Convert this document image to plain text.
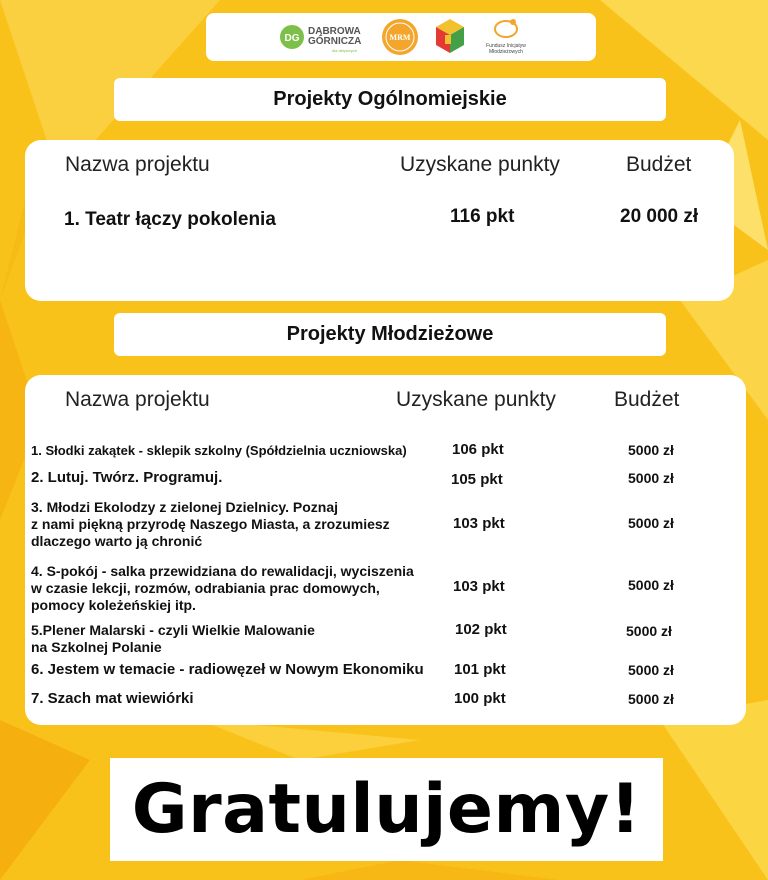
DG
DĄBROWA
GÓRNICZA
dla aktywnych
MRM
Fundusz Inicjatyw
Młodzieżowych
Projekty Ogólnomiejskie
Nazwa projektu	Uzyskane punkty	Budżet
1. Teatr łączy pokolenia	116 pkt	20 000 zł
Projekty Młodzieżowe
Nazwa projektu	Uzyskane punkty	Budżet
1. Słodki zakątek - sklepik szkolny (Spółdzielnia uczniowska)	106 pkt	5000 zł
2. Lutuj. Twórz. Programuj.	105 pkt	5000 zł
3. Młodzi Ekolodzy z zielonej Dzielnicy. Poznaj
z nami piękną przyrodę Naszego Miasta, a zrozumiesz
dlaczego warto ją chronić
103 pkt	5000 zł
4. S-pokój - salka przewidziana do rewalidacji, wyciszenia
w czasie lekcji, rozmów, odrabiania prac domowych,
pomocy koleżeńskiej itp.
103 pkt	5000 zł
5.Plener Malarski - czyli Wielkie Malowanie
na Szkolnej Polanie
102 pkt	5000 zł
6. Jestem w temacie - radiowęzeł w Nowym Ekonomiku 101 pkt	5000 zł
7. Szach mat wiewiórki	100 pkt	5000 zł
Gratulujemy!
